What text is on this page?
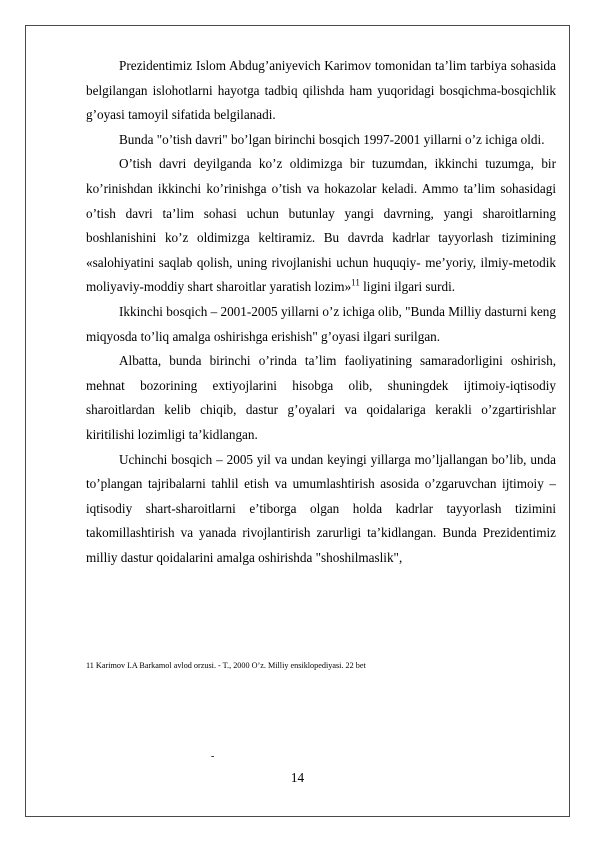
Prezidentimiz Islom Abdug’aniyevich Karimov tomonidan ta’lim tarbiya sohasida belgilangan islohotlarni hayotga tadbiq qilishda ham yuqoridagi bosqichma-bosqichlik g’oyasi tamoyil sifatida belgilanadi.

Bunda "o’tish davri" bo’lgan birinchi bosqich 1997-2001 yillarni o’z ichiga oldi.

O’tish davri deyilganda ko’z oldimizga bir tuzumdan, ikkinchi tuzumga, bir ko’rinishdan ikkinchi ko’rinishga o’tish va hokazolar keladi. Ammo ta’lim sohasidagi o’tish davri ta’lim sohasi uchun butunlay yangi davrning, yangi sharoitlarning boshlanishini ko’z oldimizga keltiramiz. Bu davrda kadrlar tayyorlash tizimining «salohiyatini saqlab qolish, uning rivojlanishi uchun huquqiy- me’yoriy, ilmiy-metodik moliyaviy-moddiy shart sharoitlar yaratish lozim»$^{11}$ ligini ilgari surdi.

Ikkinchi bosqich – 2001-2005 yillarni o’z ichiga olib, "Bunda Milliy dasturni keng miqyosda to’liq amalga oshirishga erishish" g’oyasi ilgari surilgan.

Albatta, bunda birinchi o’rinda ta’lim faoliyatining samaradorligini oshirish, mehnat bozorining extiyojlarini hisobga olib, shuningdek ijtimoiy-iqtisodiy sharoitlardan kelib chiqib, dastur g’oyalari va qoidalariga kerakli o’zgartirishlar kiritilishi lozimligi ta’kidlangan.

Uchinchi bosqich – 2005 yil va undan keyingi yillarga mo’ljallangan bo’lib, unda to’plangan tajribalarni tahlil etish va umumlashtirish asosida o’zgaruvchan ijtimoiy –iqtisodiy shart-sharoitlarni e’tiborga olgan holda kadrlar tayyorlash tizimini takomillashtirish va yanada rivojlantirish zarurligi ta’kidlangan. Bunda Prezidentimiz milliy dastur qoidalarini amalga oshirishda "shoshilmaslik",

11 Karimov I.A Barkamol avlod orzusi. - T., 2000 O’z. Milliy ensiklopediyasi. 22 bet
-
14
